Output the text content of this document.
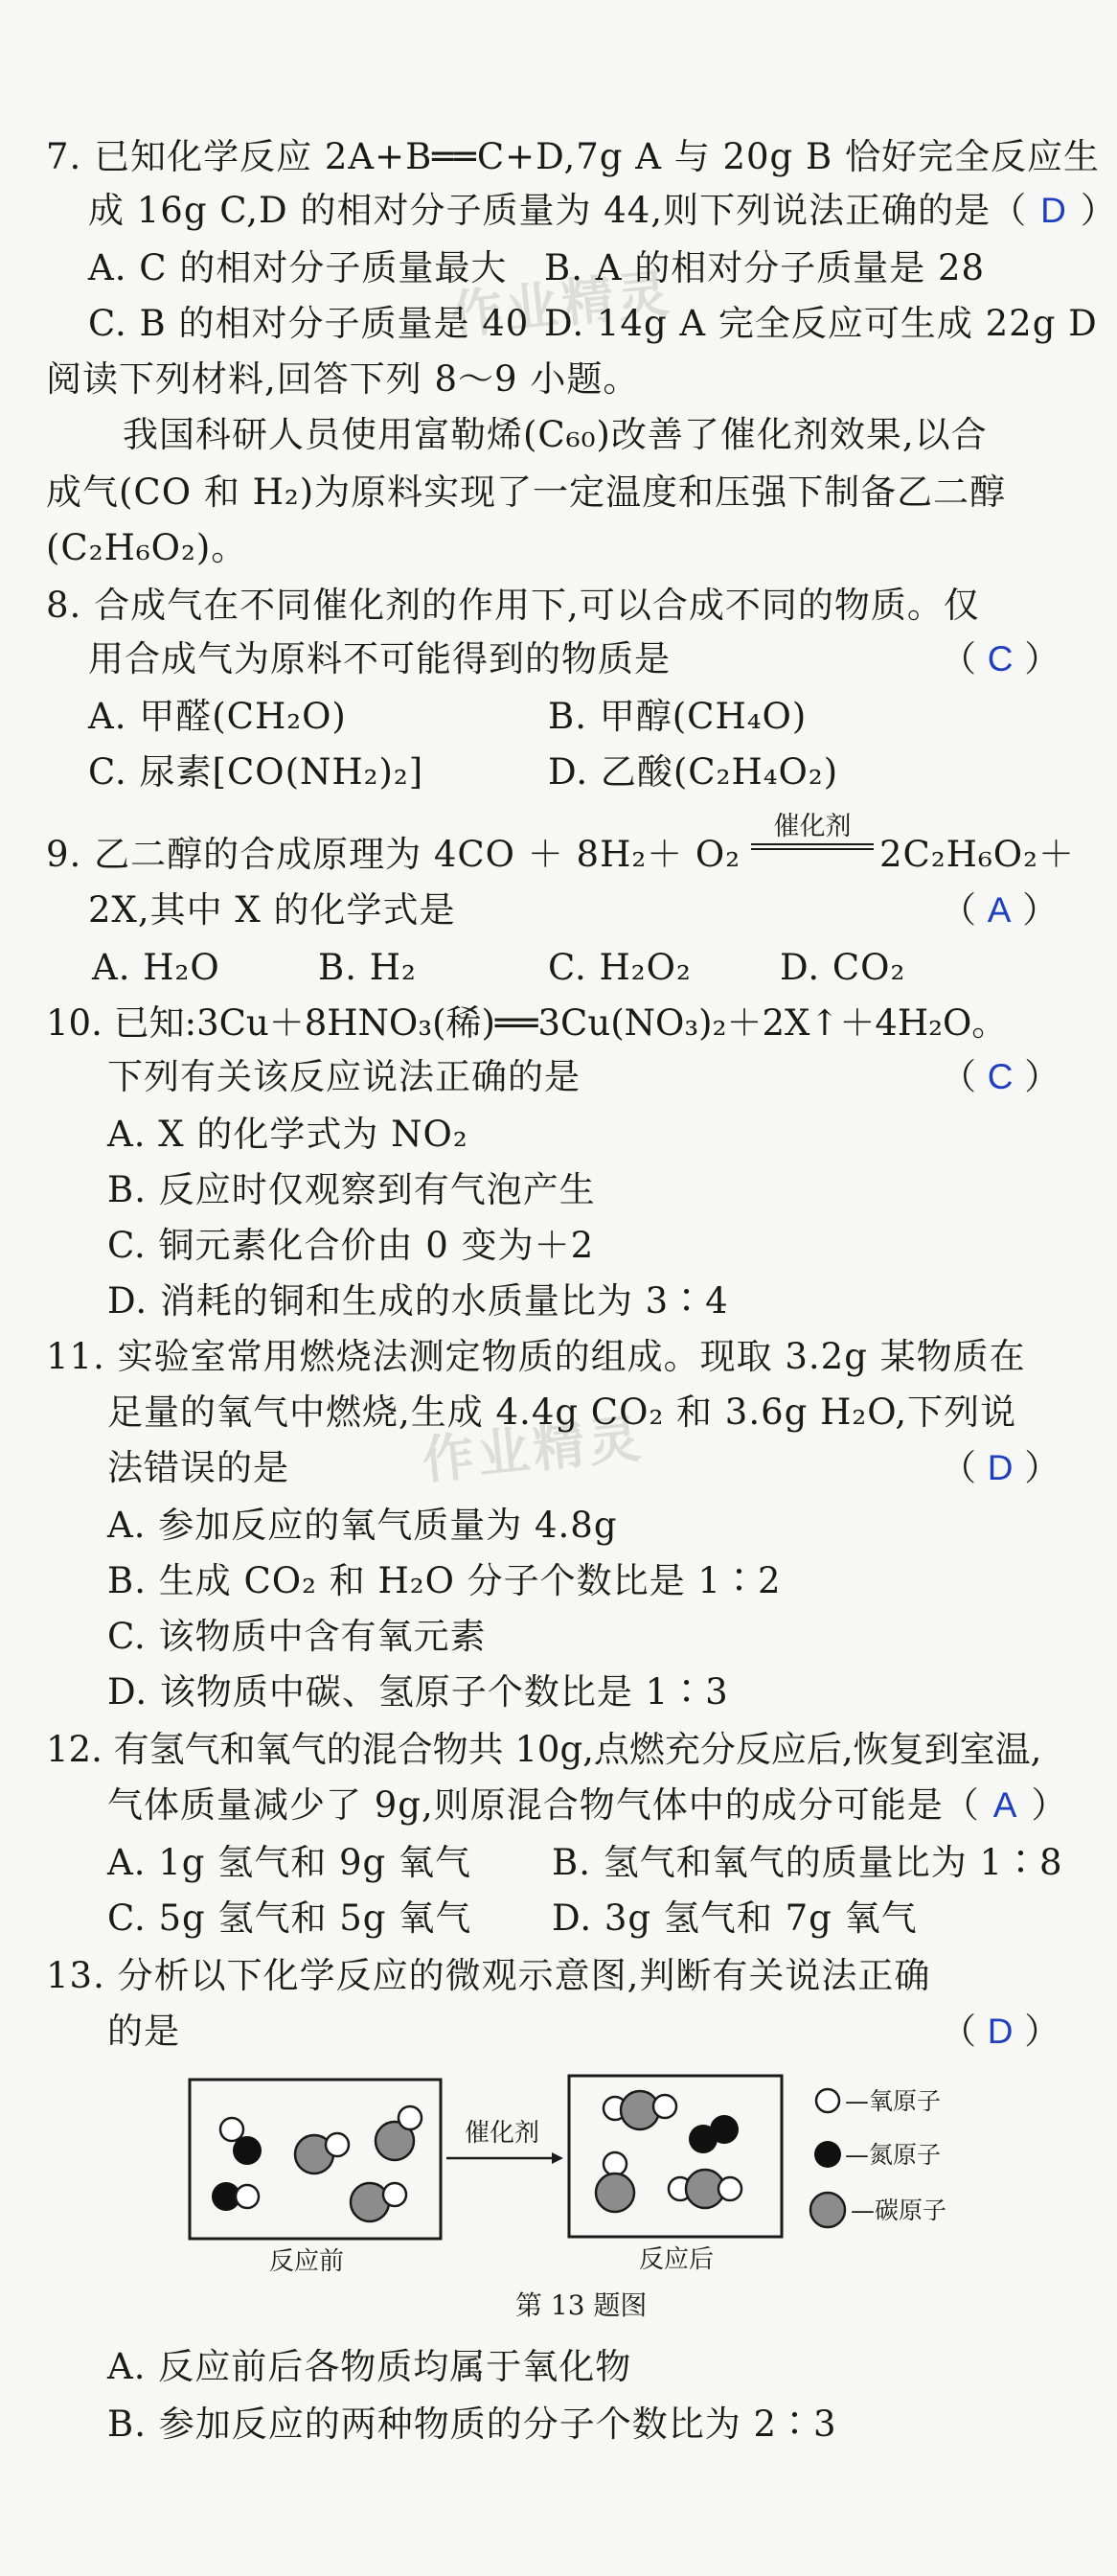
作业精灵
作业精灵
7. 已知化学反应 2A+B══C+D,7g A 与 20g B 恰好完全反应生
成 16g C,D 的相对分子质量为 44,则下列说法正确的是（ D ）
A. C 的相对分子质量最大 B. A 的相对分子质量是 28
C. B 的相对分子质量是 40 D. 14g A 完全反应可生成 22g D
阅读下列材料,回答下列 8～9 小题。
我国科研人员使用富勒烯(C₆₀)改善了催化剂效果,以合
成气(CO 和 H₂)为原料实现了一定温度和压强下制备乙二醇
(C₂H₆O₂)。
8. 合成气在不同催化剂的作用下,可以合成不同的物质。仅
用合成气为原料不可能得到的物质是	（ C ）
A. 甲醛(CH₂O)	B. 甲醇(CH₄O)
C. 尿素[CO(NH₂)₂]	D. 乙酸(C₂H₄O₂)
9. 乙二醇的合成原理为 4CO ＋ 8H₂＋ O₂
催化剂
2C₂H₆O₂＋
2X,其中 X 的化学式是	（ A ）
A. H₂O	B. H₂	C. H₂O₂ D. CO₂
10. 已知:3Cu＋8HNO₃(稀)══3Cu(NO₃)₂＋2X↑＋4H₂O。
下列有关该反应说法正确的是	（ C ）
A. X 的化学式为 NO₂
B. 反应时仅观察到有气泡产生
C. 铜元素化合价由 0 变为＋2
D. 消耗的铜和生成的水质量比为 3∶4
11. 实验室常用燃烧法测定物质的组成。现取 3.2g 某物质在
足量的氧气中燃烧,生成 4.4g CO₂ 和 3.6g H₂O,下列说
法错误的是	（ D ）
A. 参加反应的氧气质量为 4.8g
B. 生成 CO₂ 和 H₂O 分子个数比是 1∶2
C. 该物质中含有氧元素
D. 该物质中碳、氢原子个数比是 1∶3
12. 有氢气和氧气的混合物共 10g,点燃充分反应后,恢复到室温,
气体质量减少了 9g,则原混合物气体中的成分可能是（ A ）
A. 1g 氢气和 9g 氧气 B. 氢气和氧气的质量比为 1∶8
C. 5g 氢气和 5g 氧气 D. 3g 氢气和 7g 氧气
13. 分析以下化学反应的微观示意图,判断有关说法正确
的是	（ D ）
催化剂
反应前	反应后
—氧原子
—氮原子
—碳原子
第 13 题图
A. 反应前后各物质均属于氧化物
B. 参加反应的两种物质的分子个数比为 2∶3
